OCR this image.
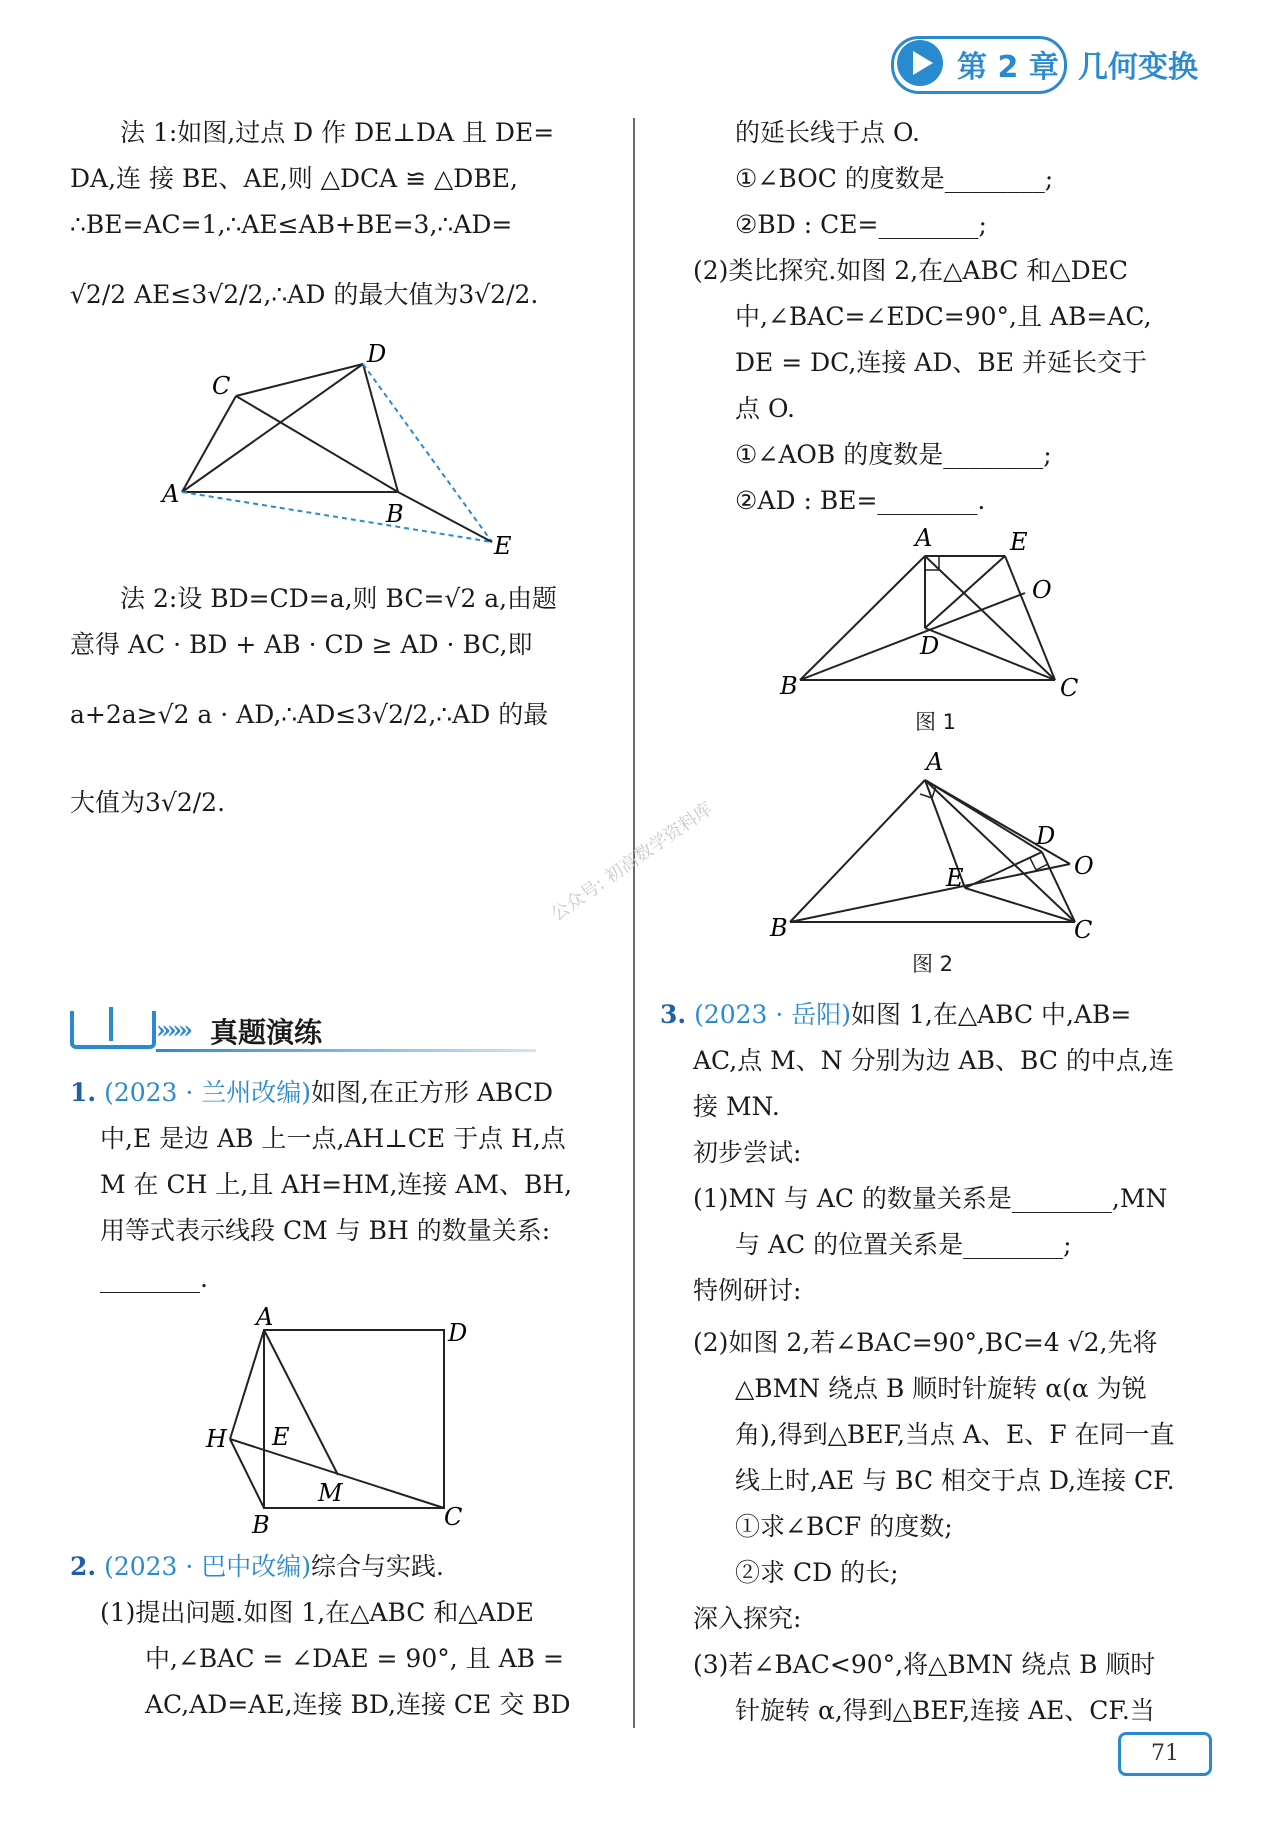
第 2 章 几何变换
法 1:如图,过点 D 作 DE⊥DA 且 DE=
DA,连 接 BE、AE,则 △DCA ≌ △DBE,
∴BE=AC=1,∴AE≤AB+BE=3,∴AD=
√2/2 AE≤3√2/2,∴AD 的最大值为3√2/2.
C
D
A
B
E
法 2:设 BD=CD=a,则 BC=√2 a,由题
意得 AC · BD + AB · CD ≥ AD · BC,即
a+2a≥√2 a · AD,∴AD≤3√2/2,∴AD 的最
大值为3√2/2.	公众号: 初高数学资料库
»»» 真题演练
1. (2023 · 兰州改编)如图,在正方形 ABCD
中,E 是边 AB 上一点,AH⊥CE 于点 H,点
M 在 CH 上,且 AH=HM,连接 AM、BH,
用等式表示线段 CM 与 BH 的数量关系:
________.
A
D
H E
M
B	C
2. (2023 · 巴中改编)综合与实践.
(1)提出问题.如图 1,在△ABC 和△ADE
中,∠BAC = ∠DAE = 90°, 且 AB =
AC,AD=AE,连接 BD,连接 CE 交 BD
的延长线于点 O.
①∠BOC 的度数是________;
②BD : CE=________;
(2)类比探究.如图 2,在△ABC 和△DEC
中,∠BAC=∠EDC=90°,且 AB=AC,
DE = DC,连接 AD、BE 并延长交于
点 O.
①∠AOB 的度数是________;
②AD : BE=________.
A	E
O
D
B	C
图 1
A
D
O
E
B	C
图 2
3. (2023 · 岳阳)如图 1,在△ABC 中,AB=
AC,点 M、N 分别为边 AB、BC 的中点,连
接 MN.
初步尝试:
(1)MN 与 AC 的数量关系是________,MN
与 AC 的位置关系是________;
特例研讨:
(2)如图 2,若∠BAC=90°,BC=4 √2,先将
△BMN 绕点 B 顺时针旋转 α(α 为锐
角),得到△BEF,当点 A、E、F 在同一直
线上时,AE 与 BC 相交于点 D,连接 CF.
①求∠BCF 的度数;
②求 CD 的长;
深入探究:
(3)若∠BAC<90°,将△BMN 绕点 B 顺时
针旋转 α,得到△BEF,连接 AE、CF.当
71
